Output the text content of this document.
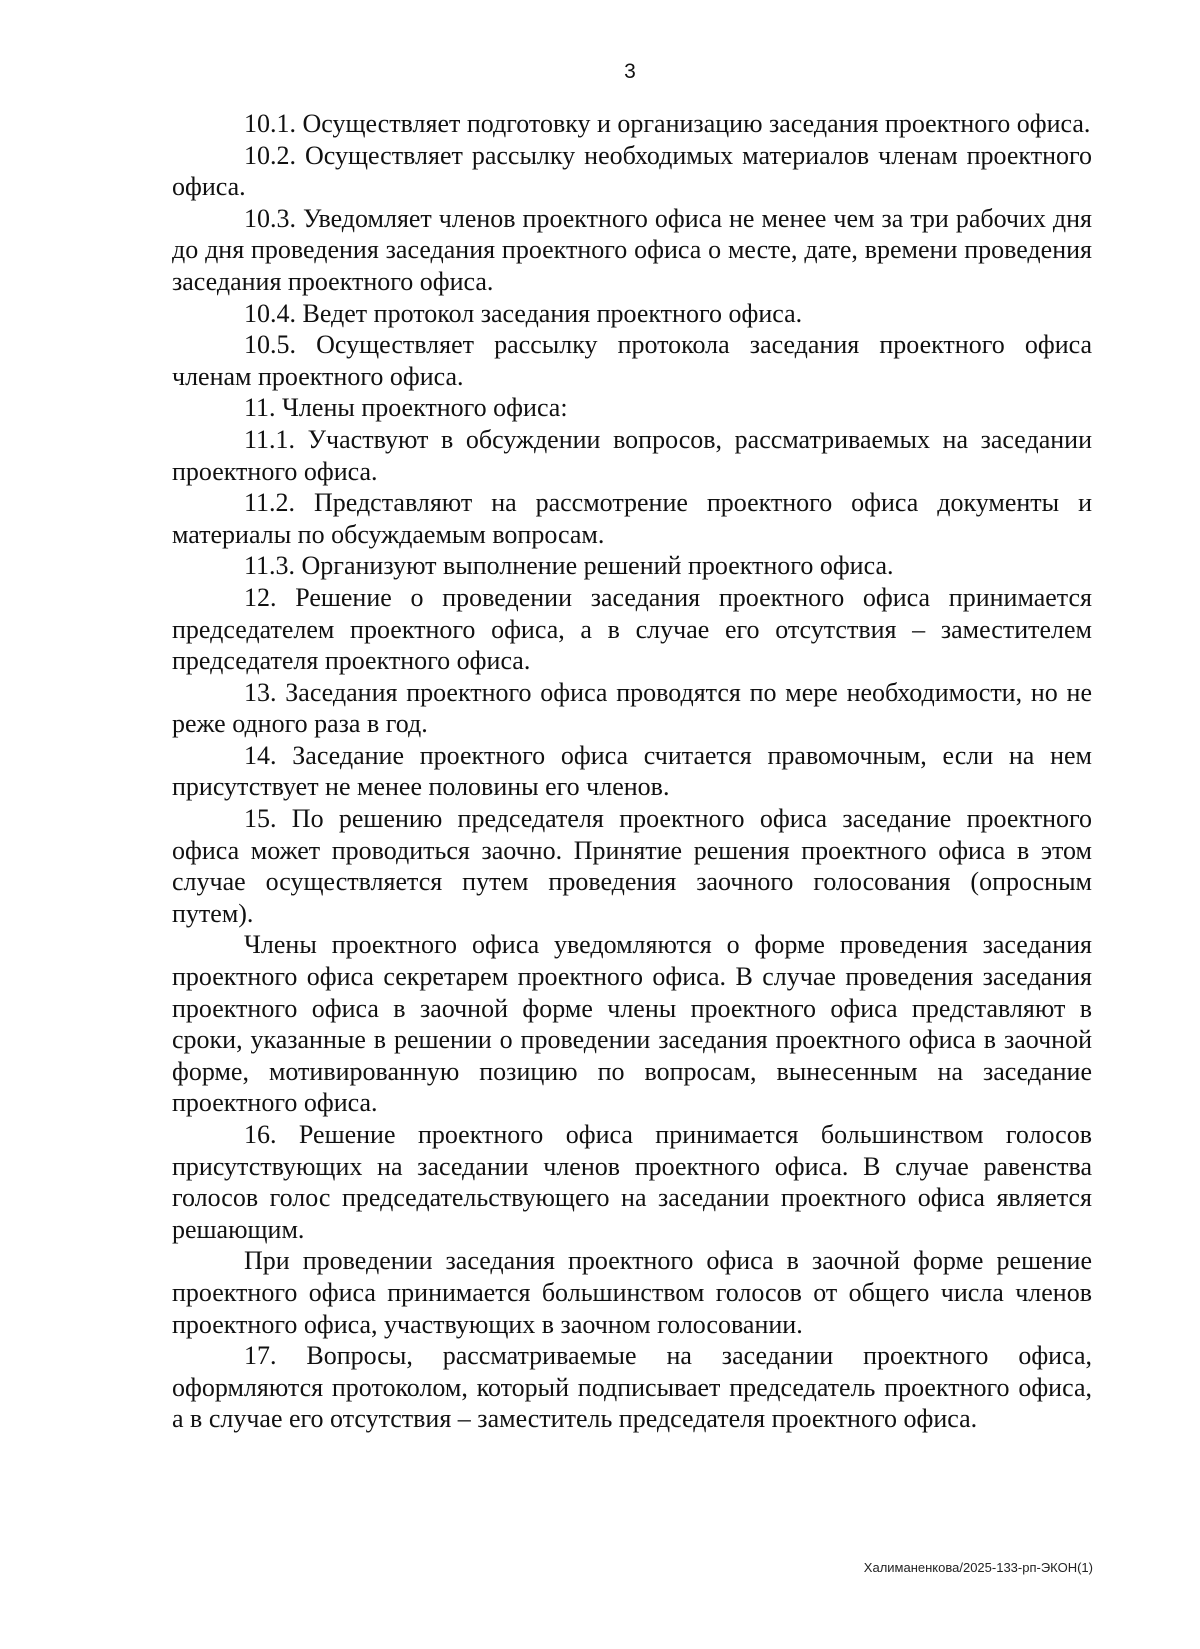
3

10.1. Осуществляет подготовку и организацию заседания проектного офиса.

10.2. Осуществляет рассылку необходимых материалов членам проектного офиса.

10.3. Уведомляет членов проектного офиса не менее чем за три рабочих дня до дня проведения заседания проектного офиса о месте, дате, времени проведения заседания проектного офиса.

10.4. Ведет протокол заседания проектного офиса.

10.5. Осуществляет рассылку протокола заседания проектного офиса членам проектного офиса.

11. Члены проектного офиса:

11.1. Участвуют в обсуждении вопросов, рассматриваемых на заседании проектного офиса.

11.2. Представляют на рассмотрение проектного офиса документы и материалы по обсуждаемым вопросам.

11.3. Организуют выполнение решений проектного офиса.

12. Решение о проведении заседания проектного офиса принимается председателем проектного офиса, а в случае его отсутствия – заместителем председателя проектного офиса.

13. Заседания проектного офиса проводятся по мере необходимости, но не реже одного раза в год.

14. Заседание проектного офиса считается правомочным, если на нем присутствует не менее половины его членов.

15. По решению председателя проектного офиса заседание проектного офиса может проводиться заочно. Принятие решения проектного офиса в этом случае осуществляется путем проведения заочного голосования (опросным путем).

Члены проектного офиса уведомляются о форме проведения заседания проектного офиса секретарем проектного офиса. В случае проведения заседания проектного офиса в заочной форме члены проектного офиса представляют в сроки, указанные в решении о проведении заседания проектного офиса в заочной форме, мотивированную позицию по вопросам, вынесенным на заседание проектного офиса.

16. Решение проектного офиса принимается большинством голосов присутствующих на заседании членов проектного офиса. В случае равенства голосов голос председательствующего на заседании проектного офиса является решающим.

При проведении заседания проектного офиса в заочной форме решение проектного офиса принимается большинством голосов от общего числа членов проектного офиса, участвующих в заочном голосовании.

17. Вопросы, рассматриваемые на заседании проектного офиса, оформляются протоколом, который подписывает председатель проектного офиса, а в случае его отсутствия – заместитель председателя проектного офиса.

Халиманенкова/2025-133-рп-ЭКОН(1)
